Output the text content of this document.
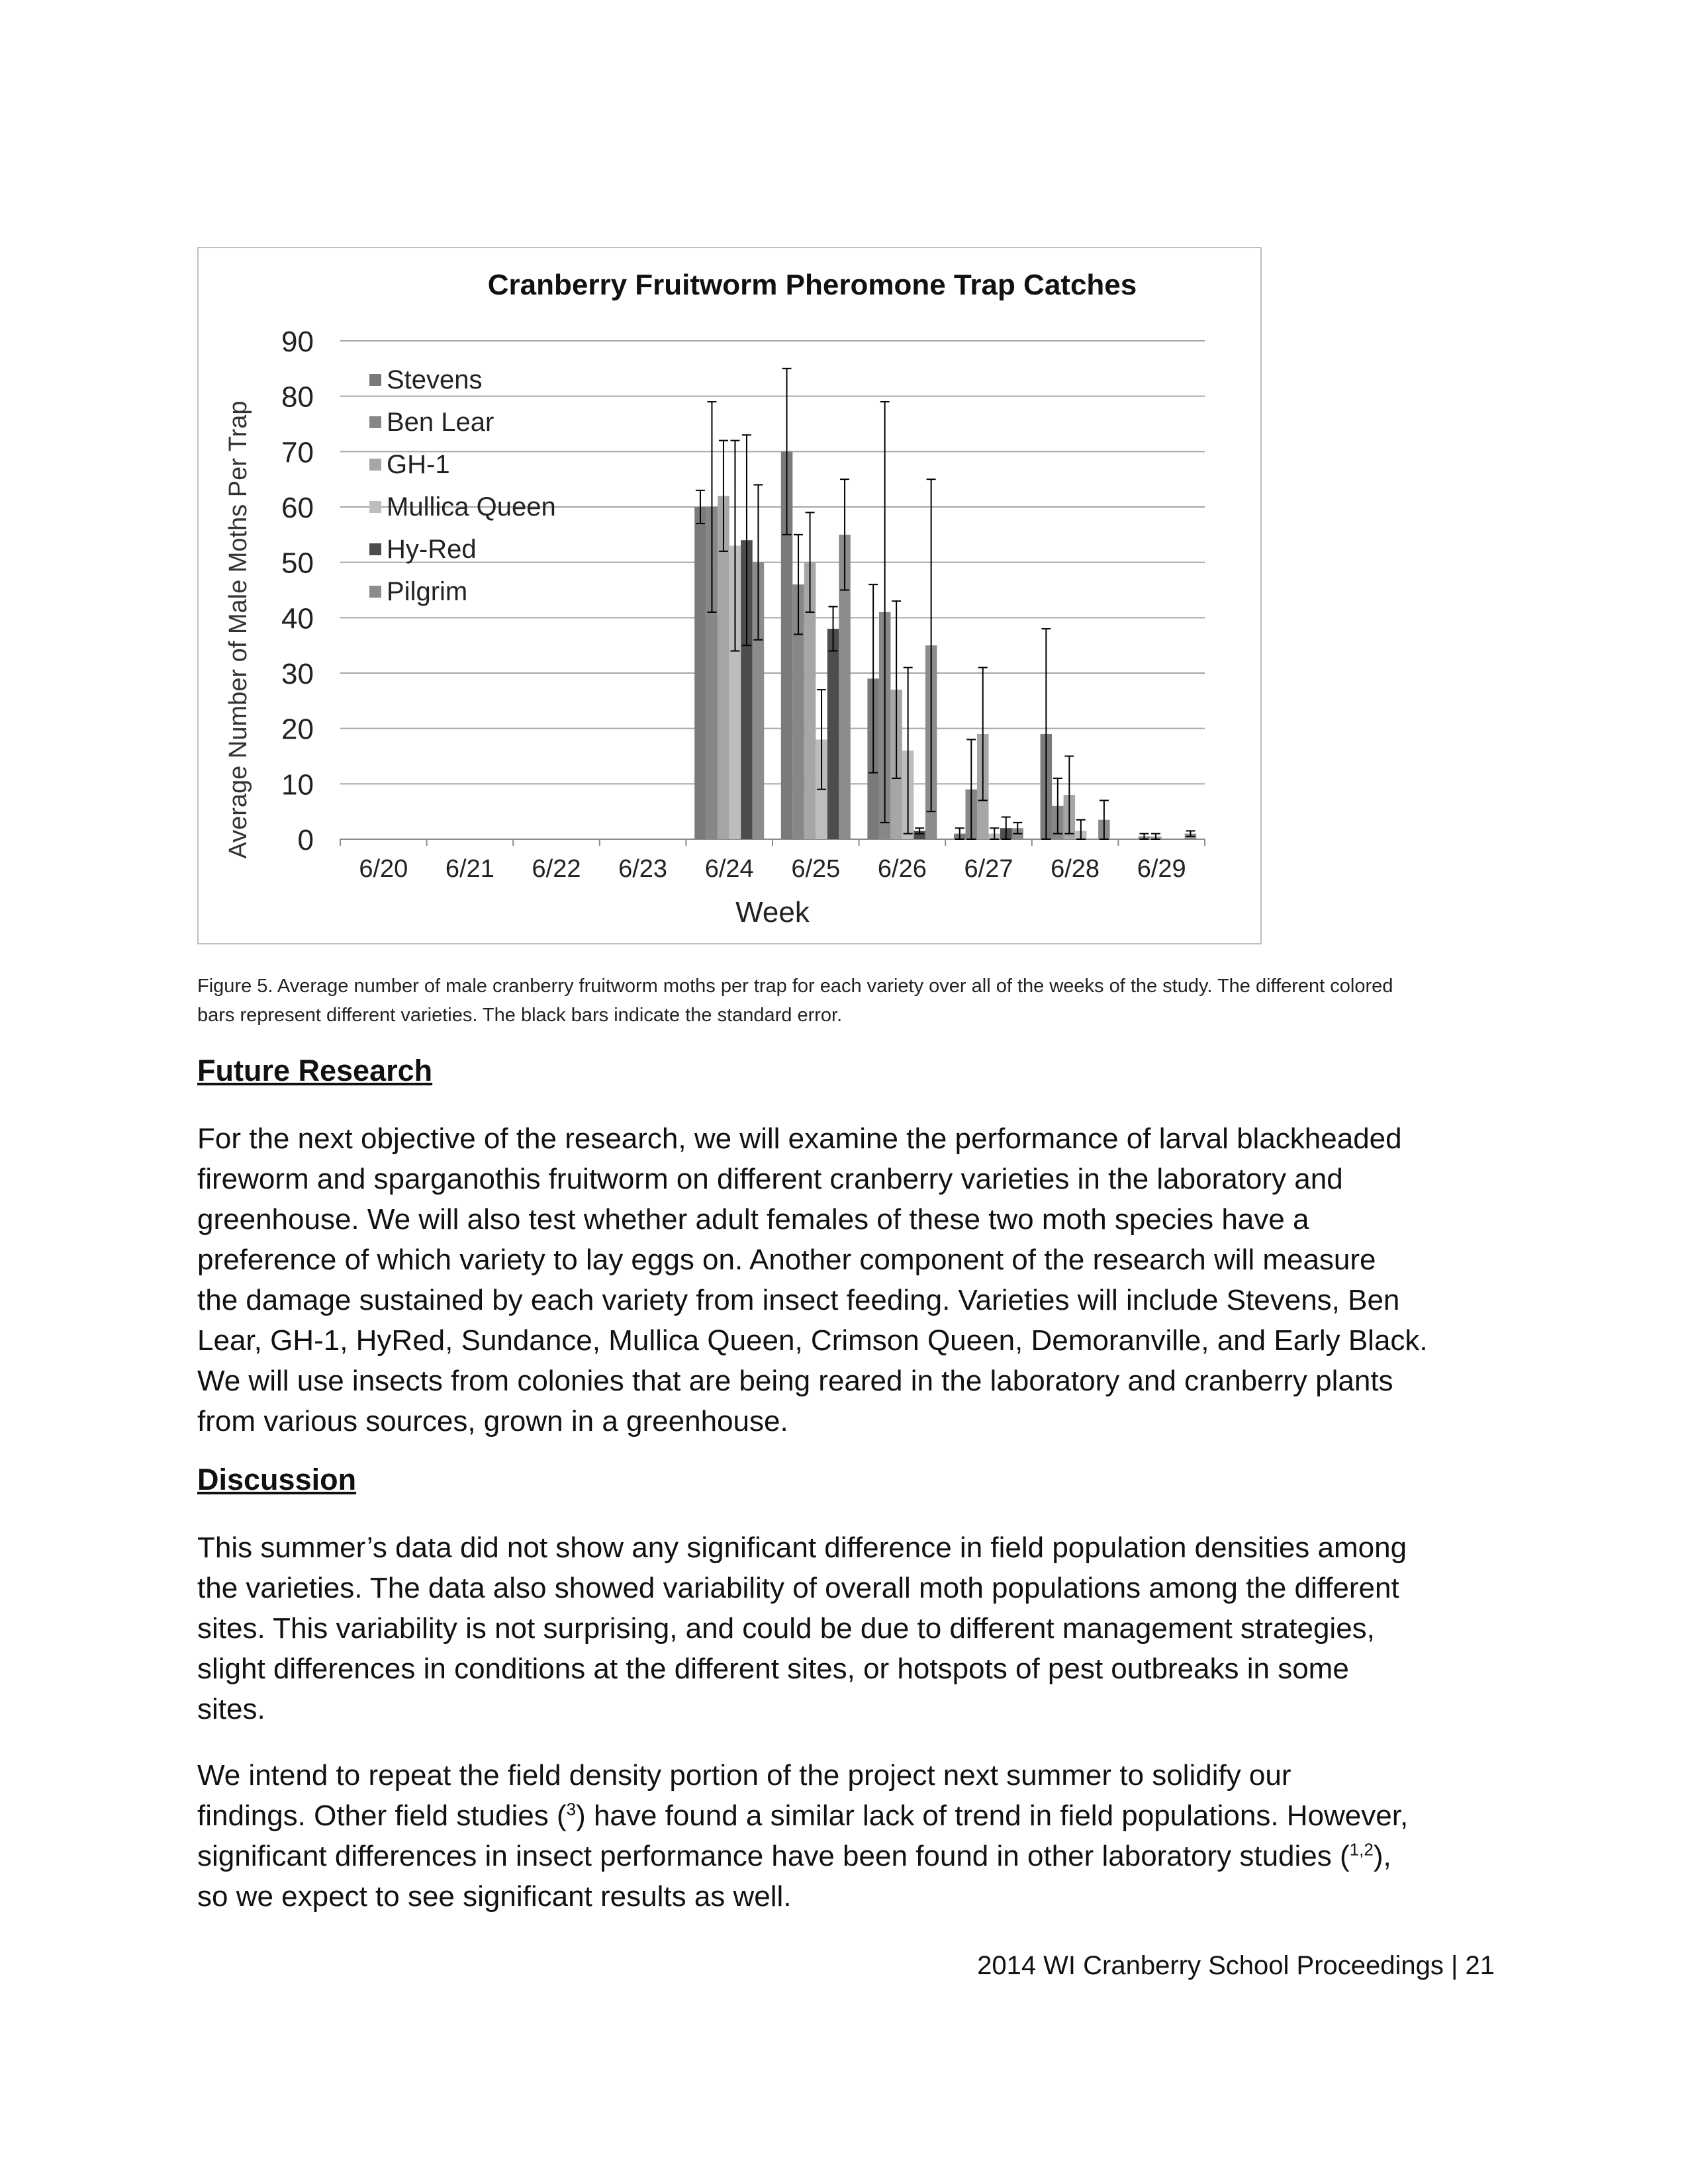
Cranberry Fruitworm Pheromone Trap Catches
0
10
20
30
40
50
60
70
80
90
6/20 6/21 6/22 6/23 6/24 6/25 6/26 6/27 6/28 6/29
Week
Average Number of Male Moths Per Trap
Stevens
Ben Lear
GH-1
Mullica Queen
Hy-Red
Pilgrim
Figure 5. Average number of male cranberry fruitworm moths per trap for each variety over all of the weeks of the study. The different colored
bars represent different varieties. The black bars indicate the standard error.
Future Research
For the next objective of the research, we will examine the performance of larval blackheaded
fireworm and sparganothis fruitworm on different cranberry varieties in the laboratory and
greenhouse. We will also test whether adult females of these two moth species have a
preference of which variety to lay eggs on. Another component of the research will measure
the damage sustained by each variety from insect feeding. Varieties will include Stevens, Ben
Lear, GH-1, HyRed, Sundance, Mullica Queen, Crimson Queen, Demoranville, and Early Black.
We will use insects from colonies that are being reared in the laboratory and cranberry plants
from various sources, grown in a greenhouse.
Discussion
This summer’s data did not show any significant difference in field population densities among
the varieties. The data also showed variability of overall moth populations among the different
sites. This variability is not surprising, and could be due to different management strategies,
slight differences in conditions at the different sites, or hotspots of pest outbreaks in some
sites.
We intend to repeat the field density portion of the project next summer to solidify our
findings. Other field studies ($^3$) have found a similar lack of trend in field populations. However,
significant differences in insect performance have been found in other laboratory studies ($^{1,2}$),
so we expect to see significant results as well.
2014 WI Cranberry School Proceedings | 21
